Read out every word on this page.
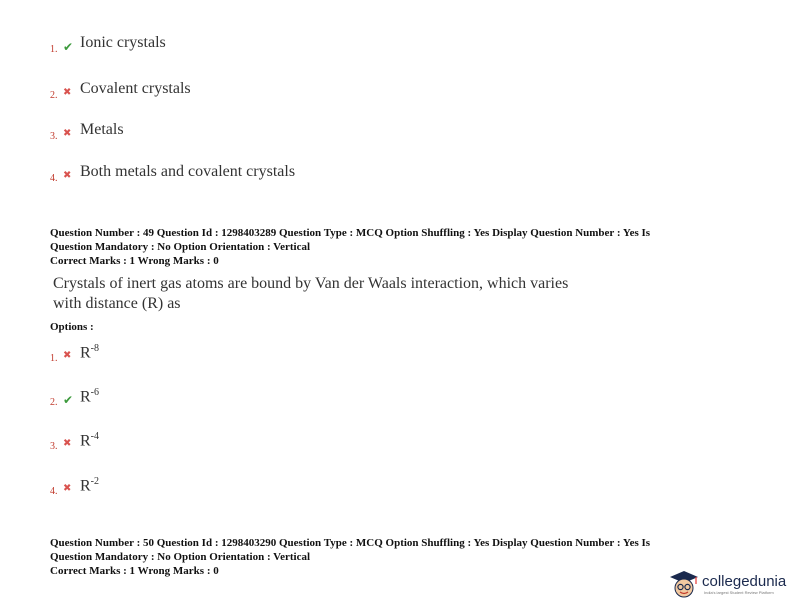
1. ✔ Ionic crystals
2. ✖ Covalent crystals
3. ✖ Metals
4. ✖ Both metals and covalent crystals
Question Number : 49 Question Id : 1298403289 Question Type : MCQ Option Shuffling : Yes Display Question Number : Yes Is
Question Mandatory : No Option Orientation : Vertical
Correct Marks : 1 Wrong Marks : 0
Crystals of inert gas atoms are bound by Van der Waals interaction, which varies
with distance (R) as
Options :
1. ✖ $R^{-8}$
2. ✔ $R^{-6}$
3. ✖ $R^{-4}$
4. ✖ $R^{-2}$
Question Number : 50 Question Id : 1298403290 Question Type : MCQ Option Shuffling : Yes Display Question Number : Yes Is
Question Mandatory : No Option Orientation : Vertical
Correct Marks : 1 Wrong Marks : 0
collegedunia
India's largest Student Review Platform
